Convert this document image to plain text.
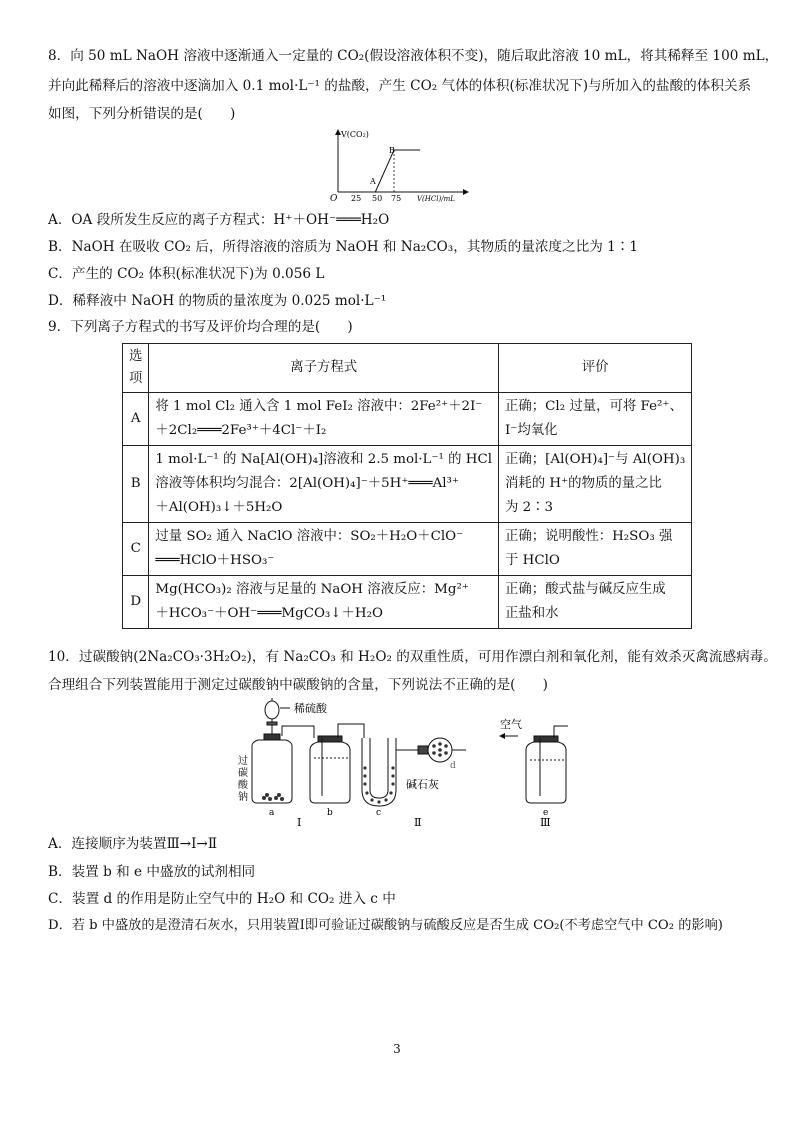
8．向 50 mL NaOH 溶液中逐渐通入一定量的 CO₂(假设溶液体积不变)，随后取此溶液 10 mL，将其稀释至 100 mL，
并向此稀释后的溶液中逐滴加入 0.1 mol·L⁻¹ 的盐酸，产生 CO₂ 气体的体积(标准状况下)与所加入的盐酸的体积关系
如图，下列分析错误的是(　　)
V(CO₂)
V(HCl)/mL
O 25 50 75
A
B
A．OA 段所发生反应的离子方程式：H⁺＋OH⁻═══H₂O
B．NaOH 在吸收 CO₂ 后，所得溶液的溶质为 NaOH 和 Na₂CO₃，其物质的量浓度之比为 1∶1
C．产生的 CO₂ 体积(标准状况下)为 0.056 L
D．稀释液中 NaOH 的物质的量浓度为 0.025 mol·L⁻¹
9．下列离子方程式的书写及评价均合理的是(　　)
选项	离子方程式	评价
A	将 1 mol Cl₂ 通入含 1 mol FeI₂ 溶液中：2Fe²⁺＋2I⁻
＋2Cl₂═══2Fe³⁺＋4Cl⁻＋I₂	正确；Cl₂ 过量，可将 Fe²⁺、
I⁻均氧化

B	1 mol·L⁻¹ 的 Na[Al(OH)₄]溶液和 2.5 mol·L⁻¹ 的 HCl
溶液等体积均匀混合：2[Al(OH)₄]⁻＋5H⁺═══Al³⁺
＋Al(OH)₃↓＋5H₂O	正确；[Al(OH)₄]⁻与 Al(OH)₃
消耗的 H⁺的物质的量之比
为 2∶3

C	过量 SO₂ 通入 NaClO 溶液中：SO₂＋H₂O＋ClO⁻
═══HClO＋HSO₃⁻	正确；说明酸性：H₂SO₃ 强
于 HClO

D	Mg(HCO₃)₂ 溶液与足量的 NaOH 溶液反应：Mg²⁺
＋HCO₃⁻＋OH⁻═══MgCO₃↓＋H₂O	正确；酸式盐与碱反应生成
正盐和水
10．过碳酸钠(2Na₂CO₃·3H₂O₂)，有 Na₂CO₃ 和 H₂O₂ 的双重性质，可用作漂白剂和氧化剂，能有效杀灭禽流感病毒。
合理组合下列装置能用于测定过碳酸钠中碳酸钠的含量，下列说法不正确的是(　　)
稀硫酸
过
碳
酸
钠
碱石灰
空气
a	b	c
d
e
Ⅰ	Ⅱ	Ⅲ
A．连接顺序为装置Ⅲ→Ⅰ→Ⅱ
B．装置 b 和 e 中盛放的试剂相同
C．装置 d 的作用是防止空气中的 H₂O 和 CO₂ 进入 c 中
D．若 b 中盛放的是澄清石灰水，只用装置Ⅰ即可验证过碳酸钠与硫酸反应是否生成 CO₂(不考虑空气中 CO₂ 的影响)
3
